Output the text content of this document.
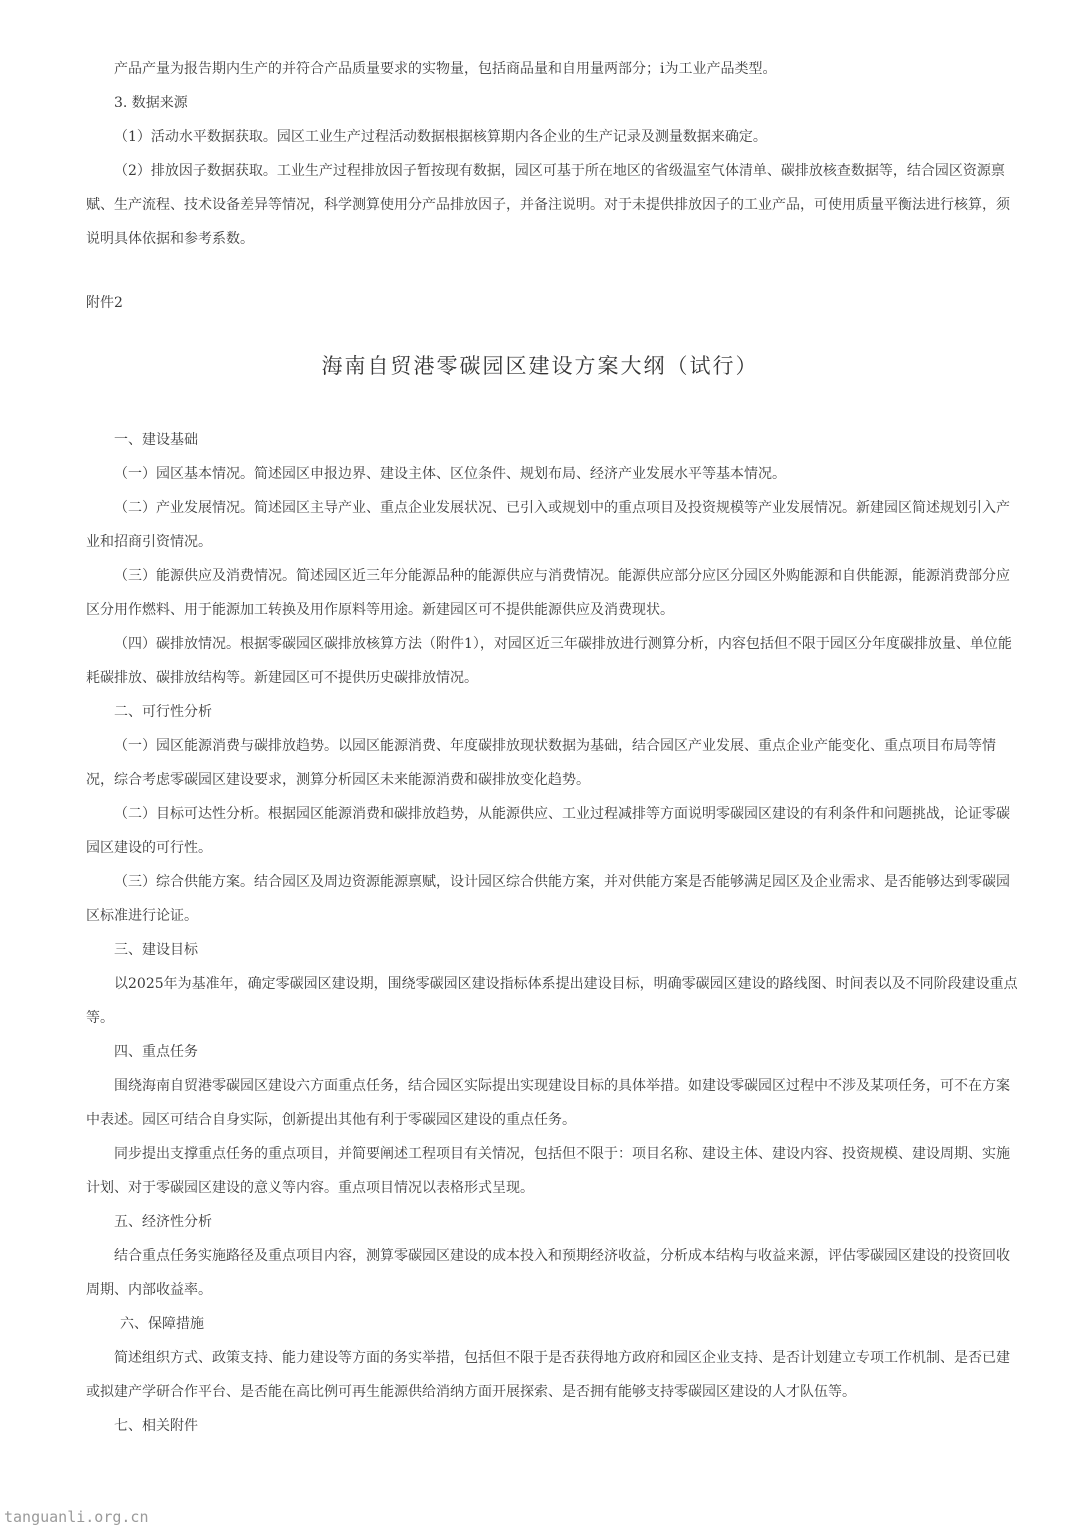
产品产量为报告期内生产的并符合产品质量要求的实物量，包括商品量和自用量两部分；i为工业产品类型。
3. 数据来源
（1）活动水平数据获取。园区工业生产过程活动数据根据核算期内各企业的生产记录及测量数据来确定。
（2）排放因子数据获取。工业生产过程排放因子暂按现有数据，园区可基于所在地区的省级温室气体清单、碳排放核查数据等，结合园区资源禀赋、生产流程、技术设备差异等情况，科学测算使用分产品排放因子，并备注说明。对于未提供排放因子的工业产品，可使用质量平衡法进行核算，须说明具体依据和参考系数。
附件2
海南自贸港零碳园区建设方案大纲（试行）
一、建设基础
（一）园区基本情况。简述园区申报边界、建设主体、区位条件、规划布局、经济产业发展水平等基本情况。
（二）产业发展情况。简述园区主导产业、重点企业发展状况、已引入或规划中的重点项目及投资规模等产业发展情况。新建园区简述规划引入产业和招商引资情况。
（三）能源供应及消费情况。简述园区近三年分能源品种的能源供应与消费情况。能源供应部分应区分园区外购能源和自供能源，能源消费部分应区分用作燃料、用于能源加工转换及用作原料等用途。新建园区可不提供能源供应及消费现状。
（四）碳排放情况。根据零碳园区碳排放核算方法（附件1），对园区近三年碳排放进行测算分析，内容包括但不限于园区分年度碳排放量、单位能耗碳排放、碳排放结构等。新建园区可不提供历史碳排放情况。
二、可行性分析
（一）园区能源消费与碳排放趋势。以园区能源消费、年度碳排放现状数据为基础，结合园区产业发展、重点企业产能变化、重点项目布局等情况，综合考虑零碳园区建设要求，测算分析园区未来能源消费和碳排放变化趋势。
（二）目标可达性分析。根据园区能源消费和碳排放趋势，从能源供应、工业过程减排等方面说明零碳园区建设的有利条件和问题挑战，论证零碳园区建设的可行性。
（三）综合供能方案。结合园区及周边资源能源禀赋，设计园区综合供能方案，并对供能方案是否能够满足园区及企业需求、是否能够达到零碳园区标准进行论证。
三、建设目标
以2025年为基准年，确定零碳园区建设期，围绕零碳园区建设指标体系提出建设目标，明确零碳园区建设的路线图、时间表以及不同阶段建设重点等。
四、重点任务
围绕海南自贸港零碳园区建设六方面重点任务，结合园区实际提出实现建设目标的具体举措。如建设零碳园区过程中不涉及某项任务，可不在方案中表述。园区可结合自身实际，创新提出其他有利于零碳园区建设的重点任务。
同步提出支撑重点任务的重点项目，并简要阐述工程项目有关情况，包括但不限于：项目名称、建设主体、建设内容、投资规模、建设周期、实施计划、对于零碳园区建设的意义等内容。重点项目情况以表格形式呈现。
五、经济性分析
结合重点任务实施路径及重点项目内容，测算零碳园区建设的成本投入和预期经济收益，分析成本结构与收益来源，评估零碳园区建设的投资回收周期、内部收益率。
六、保障措施
简述组织方式、政策支持、能力建设等方面的务实举措，包括但不限于是否获得地方政府和园区企业支持、是否计划建立专项工作机制、是否已建或拟建产学研合作平台、是否能在高比例可再生能源供给消纳方面开展探索、是否拥有能够支持零碳园区建设的人才队伍等。
七、相关附件
tanguanli.org.cn
